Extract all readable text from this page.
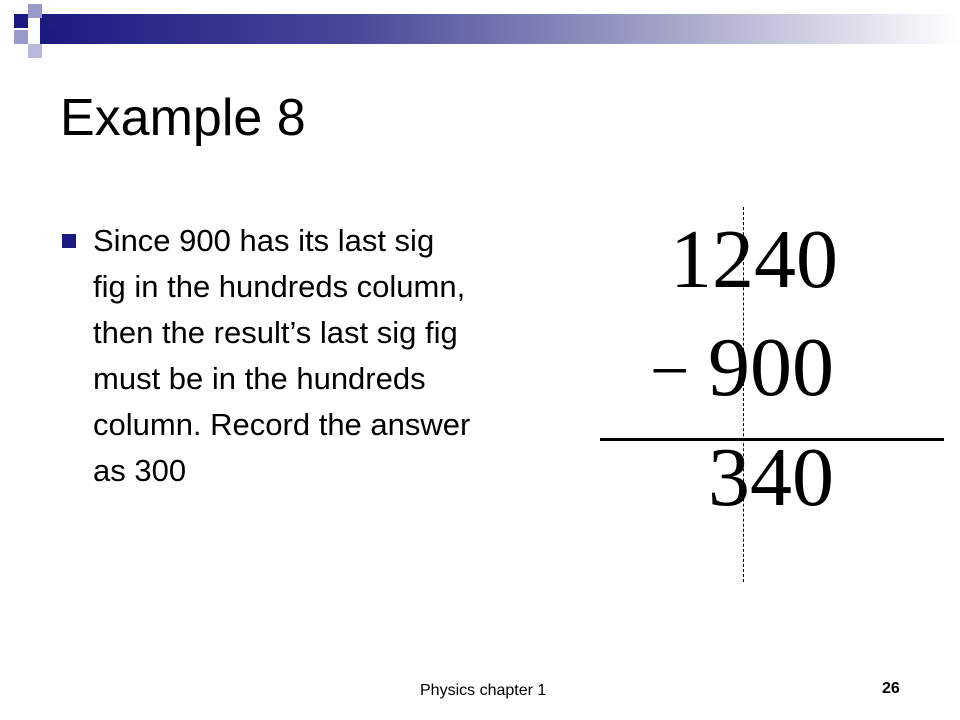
Example 8
Since 900 has its last sig fig in the hundreds column, then the result’s last sig fig must be in the hundreds column. Record the answer as 300
1240
− 900
340
Physics chapter 1	26
